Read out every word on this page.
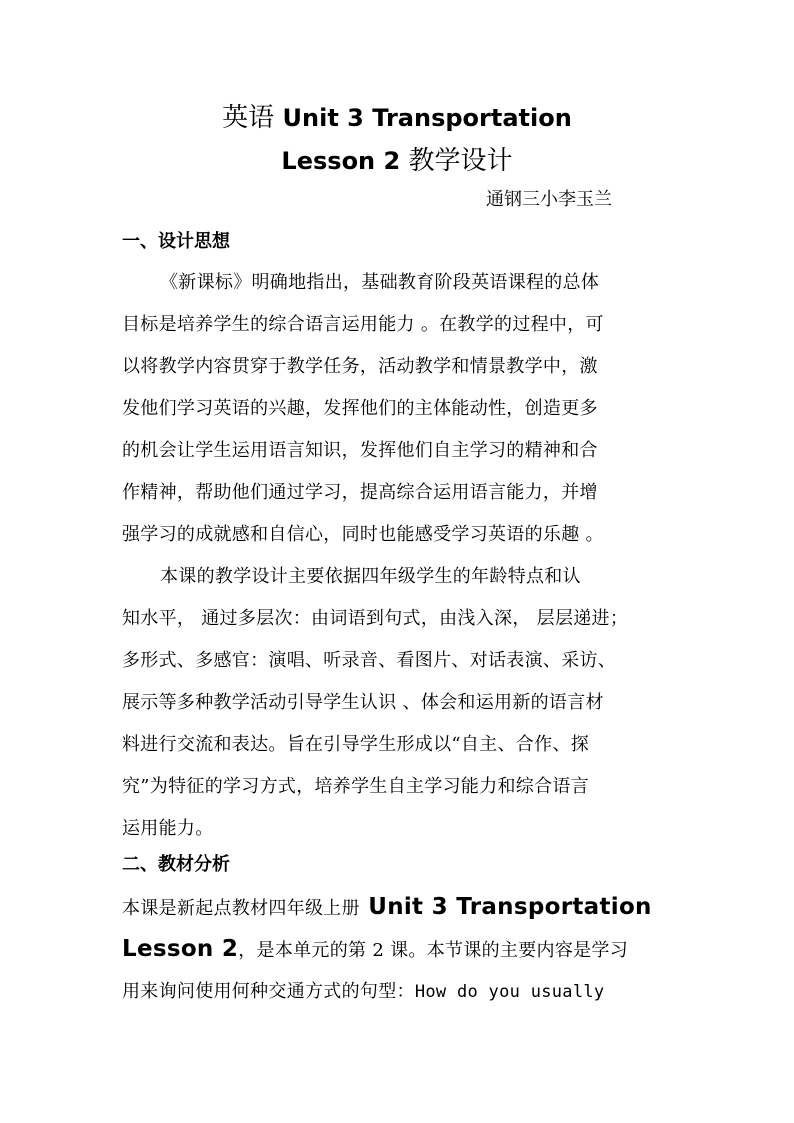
英语 Unit 3 Transportation
Lesson 2 教学设计
通钢三小李玉兰
一、设计思想
《新课标》明确地指出，基础教育阶段英语课程的总体
目标是培养学生的综合语言运用能力 。在教学的过程中，可
以将教学内容贯穿于教学任务，活动教学和情景教学中，激
发他们学习英语的兴趣，发挥他们的主体能动性，创造更多
的机会让学生运用语言知识，发挥他们自主学习的精神和合
作精神，帮助他们通过学习，提高综合运用语言能力，并增
强学习的成就感和自信心，同时也能感受学习英语的乐趣 。
本课的教学设计主要依据四年级学生的年龄特点和认
知水平， 通过多层次：由词语到句式，由浅入深， 层层递进；
多形式、多感官：演唱、听录音、看图片、对话表演、采访、
展示等多种教学活动引导学生认识 、体会和运用新的语言材
料进行交流和表达。旨在引导学生形成以“自主、合作、探
究”为特征的学习方式，培养学生自主学习能力和综合语言
运用能力。
二、教材分析
本课是新起点教材四年级上册 Unit 3 Transportation
Lesson 2，是本单元的第 2 课。本节课的主要内容是学习
用来询问使用何种交通方式的句型：How do you usually
